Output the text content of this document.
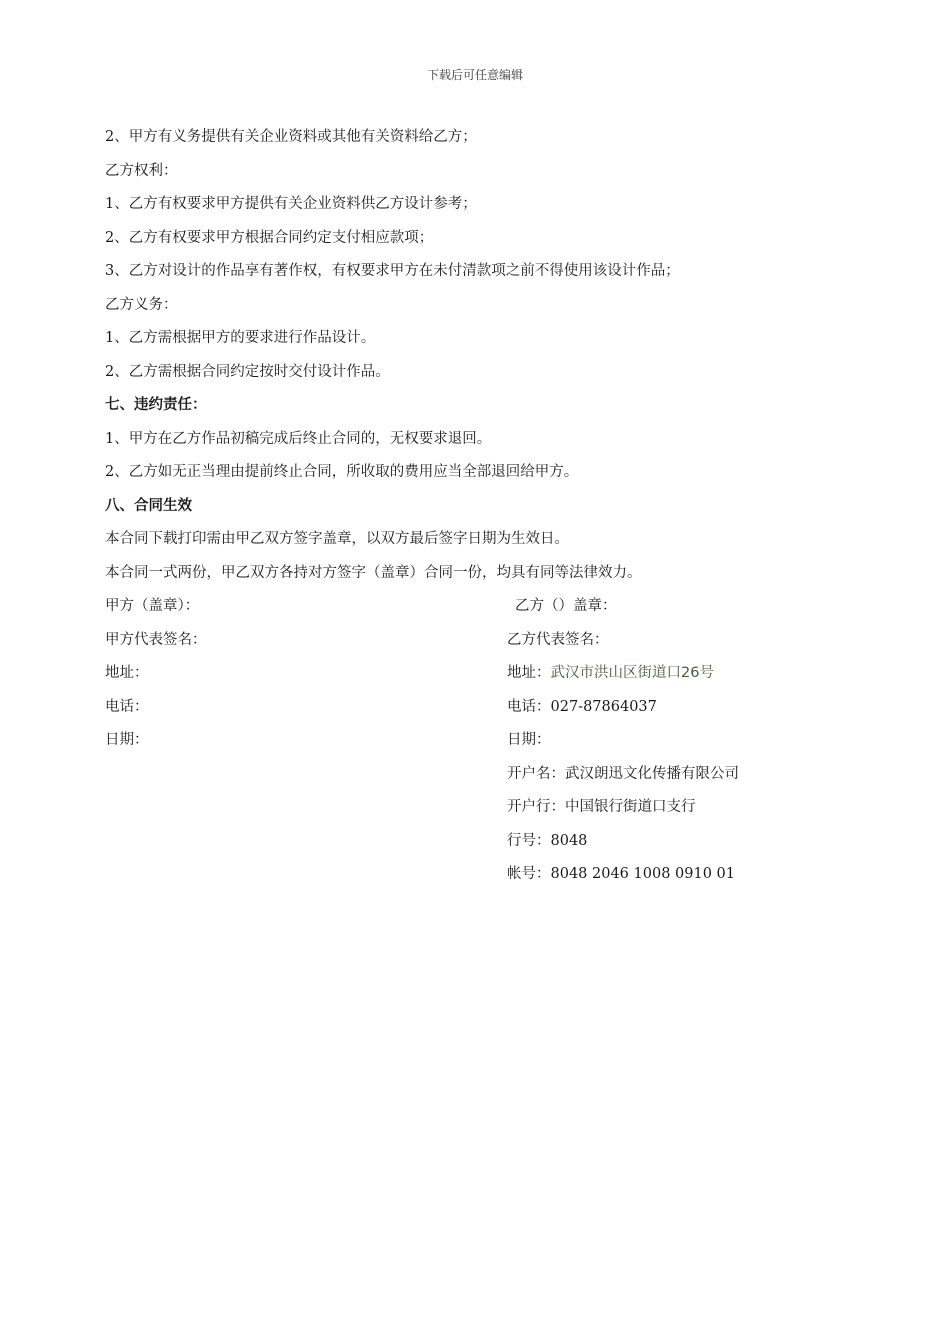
下载后可任意编辑
2、甲方有义务提供有关企业资料或其他有关资料给乙方；
乙方权利：
1、乙方有权要求甲方提供有关企业资料供乙方设计参考；
2、乙方有权要求甲方根据合同约定支付相应款项；
3、乙方对设计的作品享有著作权，有权要求甲方在未付清款项之前不得使用该设计作品；
乙方义务：
1、乙方需根据甲方的要求进行作品设计。
2、乙方需根据合同约定按时交付设计作品。
七、违约责任：
1、甲方在乙方作品初稿完成后终止合同的，无权要求退回。
2、乙方如无正当理由提前终止合同，所收取的费用应当全部退回给甲方。
八、合同生效
本合同下载打印需由甲乙双方签字盖章，以双方最后签字日期为生效日。
本合同一式两份，甲乙双方各持对方签字（盖章）合同一份，均具有同等法律效力。
甲方（盖章）：	乙方（）盖章：
甲方代表签名：	乙方代表签名：
地址：	地址：武汉市洪山区街道口26号
电话：	电话：027-87864037
日期：	日期：
开户名：武汉朗迅文化传播有限公司
开户行：中国银行街道口支行
行号：8048
帐号：8048 2046 1008 0910 01
